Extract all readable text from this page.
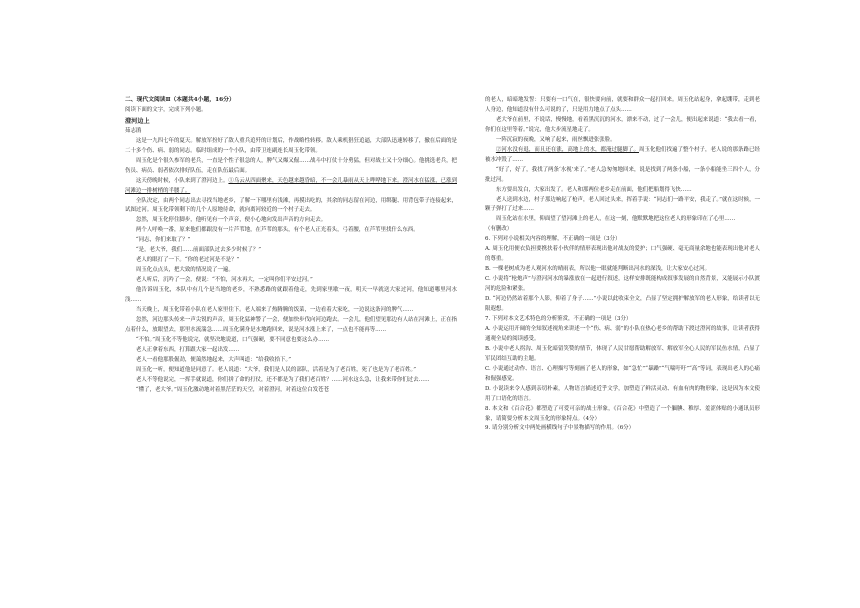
二、现代文阅读Ⅱ（本题共4小题，16分）

阅读下面的文字，完成下列小题。

澄河边上

茹志鹃

这是一九四七年的夏天。解放军扮好了敌人重兵追歼的计划后，作战略性转移。敌人乘机猖狂追逼，大部队迅速转移了，撤在后面的是二十多个伤、病、弱的同志。临时组成的一个小队，由带卫连副连长周玉化带领。

周玉化是个很久参军的老兵，一直是个性子很急的人，脾气又爆又倔……战斗中打仗十分勇猛，但对战士又十分细心。他挑选老兵，把伤员、病员、弱者依次排好队伍，走在队伍最后面。

这天傍晚时候，小队来到了澄河边上。①乌云从四面聚来，天色越来越昏暗，不一会儿暴雨从天上哗哗地下来。澄河水在猛涨，已涨到河滩边一排树梢的半腰了。

全队决定，由两个同志出去寻找当地老乡，了解一下哪里有浅滩，再摸出吃的，其余的同志留在河边，用绑腿、用背包带子连接起来，试图过河。周玉化带领剩下的几个人原地待命，就向离河较近的一个村子走去。

忽然，周玉化停住脚步，他听见有一个声音，便小心地向发出声音的方向走去。

两个人呼唤一番，原来他们都跟没有一片芦苇地，在芦苇的那头，有个老人正光着头，弓着腰，在芦苇里找什么东西。

“同志，你们来取了？”

“是，老大爷，我们……前面部队过去多少时候了？”

老人的眼打了一下。“你的老过河是不是？”

周玉化点点头，把大致的情况说了一遍。

老人听后，沉吟了一会，便说：“不怕，河水再大，一定叫你们平安过河。”

他告诉周玉化，本队中有几个是当地的老乡，不熟悉路的就跟着他走，先到家里歇一夜，明天一早就送大家过河，他知道哪里河水浅……

当天晚上，周玉化带着小队在老人家里住下。老人端来了热腾腾的饭菜，一边看着大家吃，一边说这条河的脾气……

忽然，河边那头传来一声尖锐的声音，周玉化猛神警了一会，便加快步伐向河边跑去。一会儿，他们望见那边有人站在河滩上，正在指点着什么，放眼望去，那里水流湍急……周玉化满身是水地跑回来，说是河水涨上来了，一点也不能再等……

“不怕。”周玉化不等他说完，就坚决地说道，口气强硬，要不同意也要这么办……

老人正拿着东西，打算跟大家一起出发……

老人一看他那股倔劲，便蔼然地起来，大声叫道：“给我收拾下。”

周玉化一听，便知道他是同意了。老人说道：“大爷，我们是人民的部队，活着是为了老百姓，死了也是为了老百姓。”

老人不等他说完，一挥手就说道，你们拼了命的打仗，还不都是为了我们老百姓？……河水这么急，让我来带你们过去……

“懂了，老大爷。”周玉化激动地对着黑茫茫的天空，对着澄河，对着这位白发苍苍

的老人，暗暗地发誓：只要有一口气在，很快要向前，就要和群众一起打回来。周玉化站起身，拿起绷带，走到老人身边，他知道没有什么可说的了，只是用力地点了点头……

老大爷在前里，不说话，慢慢地，看着黑沉沉的河水，漂来不动，过了一会儿，便出起来说道：“我去看一看，你们在这里等着。”说完，他大步流星地走了。

一阵沉寂的夜晚，又响了起来，雨丝飘进张张脸。

②河水没有退，而且还在涨，高地上的水，都淹过腿脚了。周玉化他们找遍了整个村子，老人说的那条路已经被水冲毁了……

“好了，好了，我找了两条‘水视’来了。”老人急匆匆地回来，说是找到了两条小船，一条小船能坐三四个人，分批过河。

东方要出发白，大家出发了。老人和那两位老乡走在前面，他们把船划得飞快……

老人送到水边，村子那边响起了枪声，老人回过头来，挥着手说：“同志们一路平安，我走了。”就在这时候，一颗子弹打了过来……

周玉化站在水里，仰面望了望河滩上的老人，在这一刻，他默默地把这位老人的形象印在了心里……

（有删改）

6. 下列对小说相关内容的理解，不正确的一项是（3分）

A. 周玉化用便衣负担要携扶着小伙伴的情形表现出他对战友的爱护；口气强硬、毫无商量余地也能表现出他对老人的尊重。

B. 一棵老树成为老人观河水的晴雨表，所以他一眼就能判断出河水的深浅，让大家安心过河。

C. 小说将“枪炮声”与澄河河水的暴涨放在一起进行叙述，这样安排既能构成叙事发展的自然背景，又能展示小队渡河的危险和紧张。

D. “河边仍然站着那个人影，仰着了身子……”小说以此收束全文，凸显了坚定拥护解放军的老人形象，给读者以无限遐想。

7. 下列对本文艺术特色的分析鉴赏，不正确的一项是（3分）

A. 小说运用开阔的全知叙述视角来讲述一个“伤、病、弱”的小队在热心老乡的帮助下渡过澄河的故事，让读者获得通观全局的阅读感受。

B. 小说中老人拐沟、周玉化暗留笑赞的情节，体现了人民甘愿帮助解放军、解放军全心人民的军民鱼水情，凸显了军民团结互助的主题。

C. 小说通过动作、语言、心理描写等刻画了老人的形象，如“急忙”“暴躁”“气喘吁吁”“高”等词，表现出老人的心痛和倔强感觉。

D. 小说读来令人感到亲切朴素，人物语言描述近乎文学，加塑造了鲜活灵动、有血有肉的物形象，这是因为本文使用了口语化的语言。

8. 本文和《百合花》都塑造了可爱可亲的战士形象，《百合花》中塑造了一个腼腆、稚厚、羞涩体贴的小通讯员形象，请简要分析本文周玉化的形象特点。（4分）

9. 请分别分析文中两处画横线句子中景物描写的作用。（6分）
